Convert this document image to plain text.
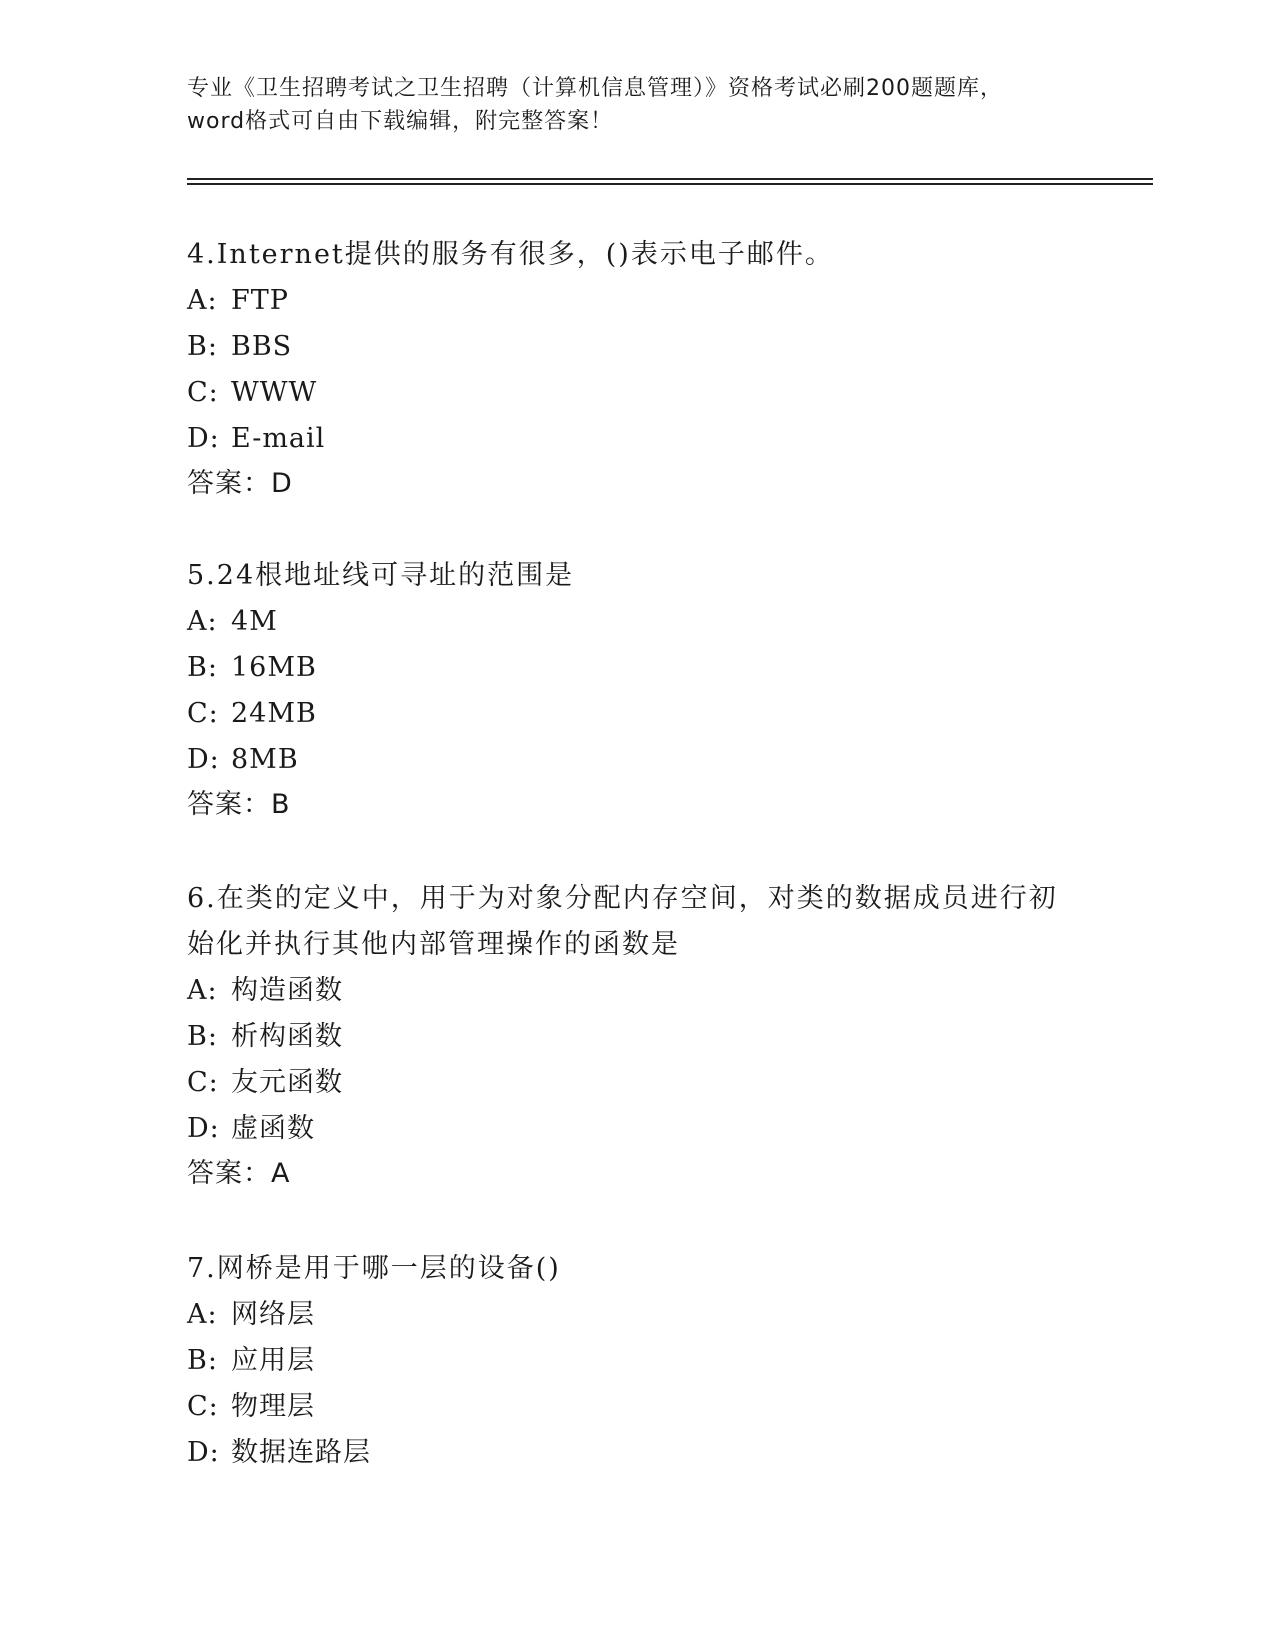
专业《卫生招聘考试之卫生招聘（计算机信息管理）》资格考试必刷200题题库，
word格式可自由下载编辑，附完整答案！

4.Internet提供的服务有很多，()表示电子邮件。

A: FTP

B: BBS

C: WWW

D: E-mail

答案：D

5.24根地址线可寻址的范围是

A: 4M

B: 16MB

C: 24MB

D: 8MB

答案：B

6.在类的定义中，用于为对象分配内存空间，对类的数据成员进行初始化并执行其他内部管理操作的函数是

A: 构造函数

B: 析构函数

C: 友元函数

D: 虚函数

答案：A

7.网桥是用于哪一层的设备()

A: 网络层

B: 应用层

C: 物理层

D: 数据连路层
